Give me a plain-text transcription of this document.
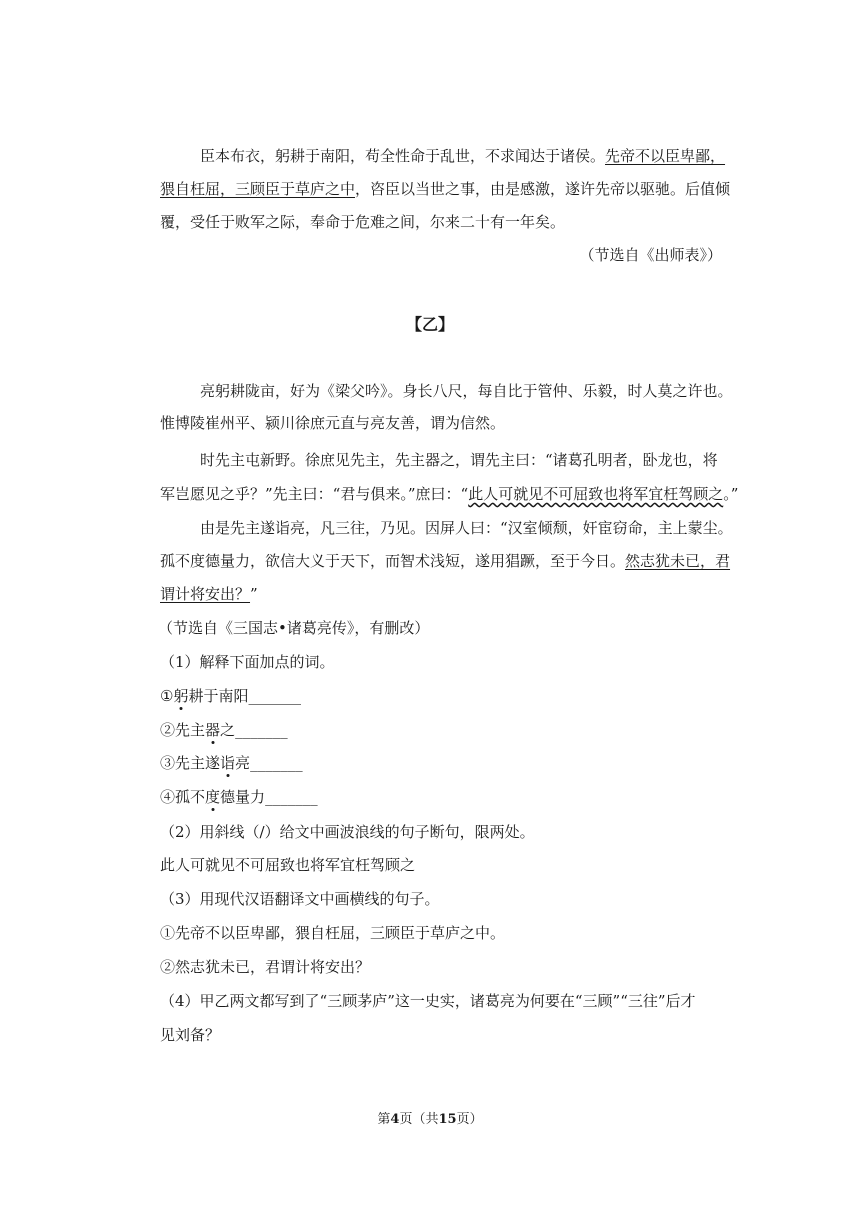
臣本布衣，躬耕于南阳，苟全性命于乱世，不求闻达于诸侯。先帝不以臣卑鄙，
猥自枉屈，三顾臣于草庐之中，咨臣以当世之事，由是感激，遂许先帝以驱驰。后值倾
覆，受任于败军之际，奉命于危难之间，尔来二十有一年矣。
（节选自《出师表》）
【乙】
亮躬耕陇亩，好为《梁父吟》。身长八尺，每自比于管仲、乐毅，时人莫之许也。
惟博陵崔州平、颍川徐庶元直与亮友善，谓为信然。
时先主屯新野。徐庶见先主，先主器之，谓先主曰：“诸葛孔明者，卧龙也，将
军岂愿见之乎？”先主曰：“君与俱来。”庶曰：“此人可就见不可屈致也将军宜枉驾顾之。”
由是先主遂诣亮，凡三往，乃见。因屏人曰：“汉室倾颓，奸宦窃命，主上蒙尘。
孤不度德量力，欲信大义于天下，而智术浅短，遂用猖蹶，至于今日。然志犹未已，君
谓计将安出？”
（节选自《三国志•诸葛亮传》，有删改）
（1）解释下面加点的词。
①躬耕于南阳_______
②先主器之_______
③先主遂诣亮_______
④孤不度德量力_______
（2）用斜线（/）给文中画波浪线的句子断句，限两处。
此人可就见不可屈致也将军宜枉驾顾之
（3）用现代汉语翻译文中画横线的句子。
①先帝不以臣卑鄙，猥自枉屈，三顾臣于草庐之中。
②然志犹未已，君谓计将安出？
（4）甲乙两文都写到了“三顾茅庐”这一史实，诸葛亮为何要在“三顾”“三往”后才
见刘备？
第4页（共15页）
